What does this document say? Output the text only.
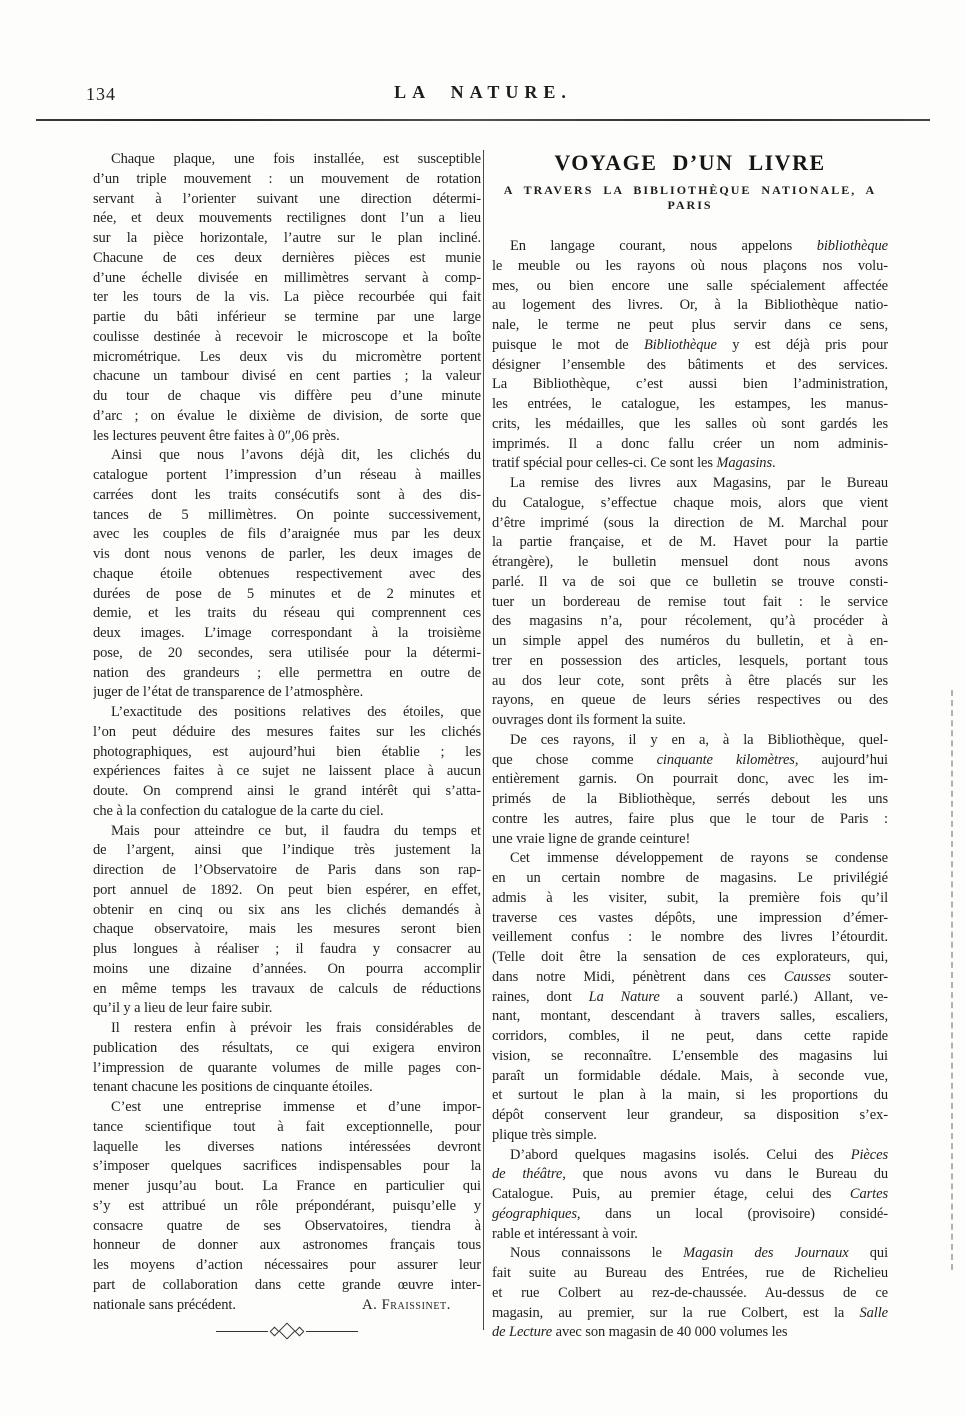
134	LA NATURE.
Chaque plaque, une fois installée, est susceptible
d’un triple mouvement : un mouvement de rotation
servant à l’orienter suivant une direction détermi-
née, et deux mouvements rectilignes dont l’un a lieu
sur la pièce horizontale, l’autre sur le plan incliné.
Chacune de ces deux dernières pièces est munie
d’une échelle divisée en millimètres servant à comp-
ter les tours de la vis. La pièce recourbée qui fait
partie du bâti inférieur se termine par une large
coulisse destinée à recevoir le microscope et la boîte
micrométrique. Les deux vis du micromètre portent
chacune un tambour divisé en cent parties ; la valeur
du tour de chaque vis diffère peu d’une minute
d’arc ; on évalue le dixième de division, de sorte que
les lectures peuvent être faites à 0″,06 près.
Ainsi que nous l’avons déjà dit, les clichés du
catalogue portent l’impression d’un réseau à mailles
carrées dont les traits consécutifs sont à des dis-
tances de 5 millimètres. On pointe successivement,
avec les couples de fils d’araignée mus par les deux
vis dont nous venons de parler, les deux images de
chaque étoile obtenues respectivement avec des
durées de pose de 5 minutes et de 2 minutes et
demie, et les traits du réseau qui comprennent ces
deux images. L’image correspondant à la troisième
pose, de 20 secondes, sera utilisée pour la détermi-
nation des grandeurs ; elle permettra en outre de
juger de l’état de transparence de l’atmosphère.
L’exactitude des positions relatives des étoiles, que
l’on peut déduire des mesures faites sur les clichés
photographiques, est aujourd’hui bien établie ; les
expériences faites à ce sujet ne laissent place à aucun
doute. On comprend ainsi le grand intérêt qui s’atta-
che à la confection du catalogue de la carte du ciel.
Mais pour atteindre ce but, il faudra du temps et
de l’argent, ainsi que l’indique très justement la
direction de l’Observatoire de Paris dans son rap-
port annuel de 1892. On peut bien espérer, en effet,
obtenir en cinq ou six ans les clichés demandés à
chaque observatoire, mais les mesures seront bien
plus longues à réaliser ; il faudra y consacrer au
moins une dizaine d’années. On pourra accomplir
en même temps les travaux de calculs de réductions
qu’il y a lieu de leur faire subir.
Il restera enfin à prévoir les frais considérables de
publication des résultats, ce qui exigera environ
l’impression de quarante volumes de mille pages con-
tenant chacune les positions de cinquante étoiles.
C’est une entreprise immense et d’une impor-
tance scientifique tout à fait exceptionnelle, pour
laquelle les diverses nations intéressées devront
s’imposer quelques sacrifices indispensables pour la
mener jusqu’au bout. La France en particulier qui
s’y est attribué un rôle prépondérant, puisqu’elle y
consacre quatre de ses Observatoires, tiendra à
honneur de donner aux astronomes français tous
les moyens d’action nécessaires pour assurer leur
part de collaboration dans cette grande œuvre inter-
nationale sans précédent.	A. Fraissinet.
VOYAGE D’UN LIVRE
A TRAVERS LA BIBLIOTHÈQUE NATIONALE, A PARIS
En langage courant, nous appelons bibliothèque
le meuble ou les rayons où nous plaçons nos volu-
mes, ou bien encore une salle spécialement affectée
au logement des livres. Or, à la Bibliothèque natio-
nale, le terme ne peut plus servir dans ce sens,
puisque le mot de Bibliothèque y est déjà pris pour
désigner l’ensemble des bâtiments et des services.
La Bibliothèque, c’est aussi bien l’administration,
les entrées, le catalogue, les estampes, les manus-
crits, les médailles, que les salles où sont gardés les
imprimés. Il a donc fallu créer un nom adminis-
tratif spécial pour celles-ci. Ce sont les Magasins.
La remise des livres aux Magasins, par le Bureau
du Catalogue, s’effectue chaque mois, alors que vient
d’être imprimé (sous la direction de M. Marchal pour
la partie française, et de M. Havet pour la partie
étrangère), le bulletin mensuel dont nous avons
parlé. Il va de soi que ce bulletin se trouve consti-
tuer un bordereau de remise tout fait : le service
des magasins n’a, pour récolement, qu’à procéder à
un simple appel des numéros du bulletin, et à en-
trer en possession des articles, lesquels, portant tous
au dos leur cote, sont prêts à être placés sur les
rayons, en queue de leurs séries respectives ou des
ouvrages dont ils forment la suite.
De ces rayons, il y en a, à la Bibliothèque, quel-
que chose comme cinquante kilomètres, aujourd’hui
entièrement garnis. On pourrait donc, avec les im-
primés de la Bibliothèque, serrés debout les uns
contre les autres, faire plus que le tour de Paris :
une vraie ligne de grande ceinture!
Cet immense développement de rayons se condense
en un certain nombre de magasins. Le privilégié
admis à les visiter, subit, la première fois qu’il
traverse ces vastes dépôts, une impression d’émer-
veillement confus : le nombre des livres l’étourdit.
(Telle doit être la sensation de ces explorateurs, qui,
dans notre Midi, pénètrent dans ces Causses souter-
raines, dont La Nature a souvent parlé.) Allant, ve-
nant, montant, descendant à travers salles, escaliers,
corridors, combles, il ne peut, dans cette rapide
vision, se reconnaître. L’ensemble des magasins lui
paraît un formidable dédale. Mais, à seconde vue,
et surtout le plan à la main, si les proportions du
dépôt conservent leur grandeur, sa disposition s’ex-
plique très simple.
D’abord quelques magasins isolés. Celui des Pièces
de théâtre, que nous avons vu dans le Bureau du
Catalogue. Puis, au premier étage, celui des Cartes
géographiques, dans un local (provisoire) considé-
rable et intéressant à voir.
Nous connaissons le Magasin des Journaux qui
fait suite au Bureau des Entrées, rue de Richelieu
et rue Colbert au rez-de-chaussée. Au-dessus de ce
magasin, au premier, sur la rue Colbert, est la Salle
de Lecture avec son magasin de 40 000 volumes les
